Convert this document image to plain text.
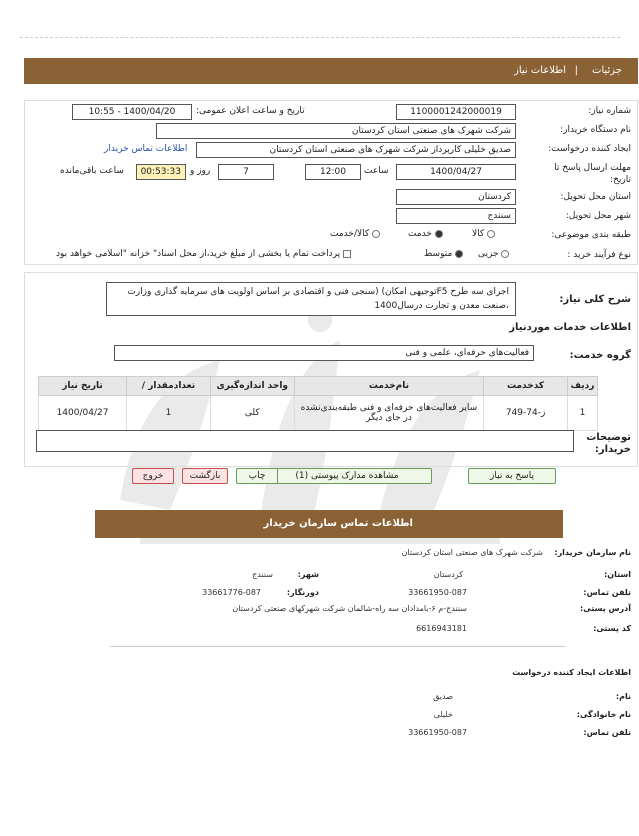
جزئیات
|
اطلاعات نیاز
شماره نیاز:
1100001242000019
تاریخ و ساعت اعلان عمومی:
1400/04/20 - 10:55
نام دستگاه خریدار:
شرکت شهرک های صنعتی استان کردستان
ایجاد کننده درخواست:
صدیق خلیلی کارپرداز شرکت شهرک های صنعتی استان کردستان
اطلاعات تماس خریدار
مهلت ارسال پاسخ تا تاریخ:
1400/04/27
ساعت
12:00
7
روز و
00:53:33
ساعت باقی‌مانده
استان محل تحویل:
کردستان
شهر محل تحویل:
سنندج
طبقه بندی موضوعی:
کالا
خدمت
کالا/خدمت
نوع فرآیند خرید :
جزیی
متوسط
پرداخت تمام یا بخشی از مبلغ خرید،از محل اسناد" خزانه "اسلامی خواهد بود
شرح کلی نیاز:
اجرای سه طرح F5توجیهی امکان) (سنجی فنی و اقتصادی بر اساس اولویت های سرمایه گذاری وزارت ،صنعت معدن و تجارت درسال1400
اطلاعات خدمات موردنیاز
گروه خدمت:
فعالیت‌های حرفه‌ای، علمی و فنی
ردیف	کدخدمت	نام‌خدمت	واحد اندازه‌گیری	تعدادمقدار /	تاریخ نیاز
1	ز-74-749	سایر فعالیت‌های حرفه‌ای و فنی طبقه‌بندی‌نشده در جای دیگر	کلی	1	1400/04/27
توضیحات خریدار:
پاسخ به نیاز
مشاهده مدارک پیوستی (1)
چاپ
بازگشت
خروج
اطلاعات تماس سازمان خریدار
نام سازمان خریدار:
شرکت شهرک های صنعتی استان کردستان
استان:
کردستان
شهر:
سنندج
تلفن تماس:
33661950-087
دورنگار:
33661776-087
آدرس پستی:
سنندج-م ۶-بامدادان سه راه-شالمان شرکت شهرکهای صنعتی کردستان
کد پستی:
6616943181
اطلاعات ایجاد کننده درخواست
نام:
صدیق
نام خانوادگی:
خلیلی
تلفن تماس:
33661950-087
